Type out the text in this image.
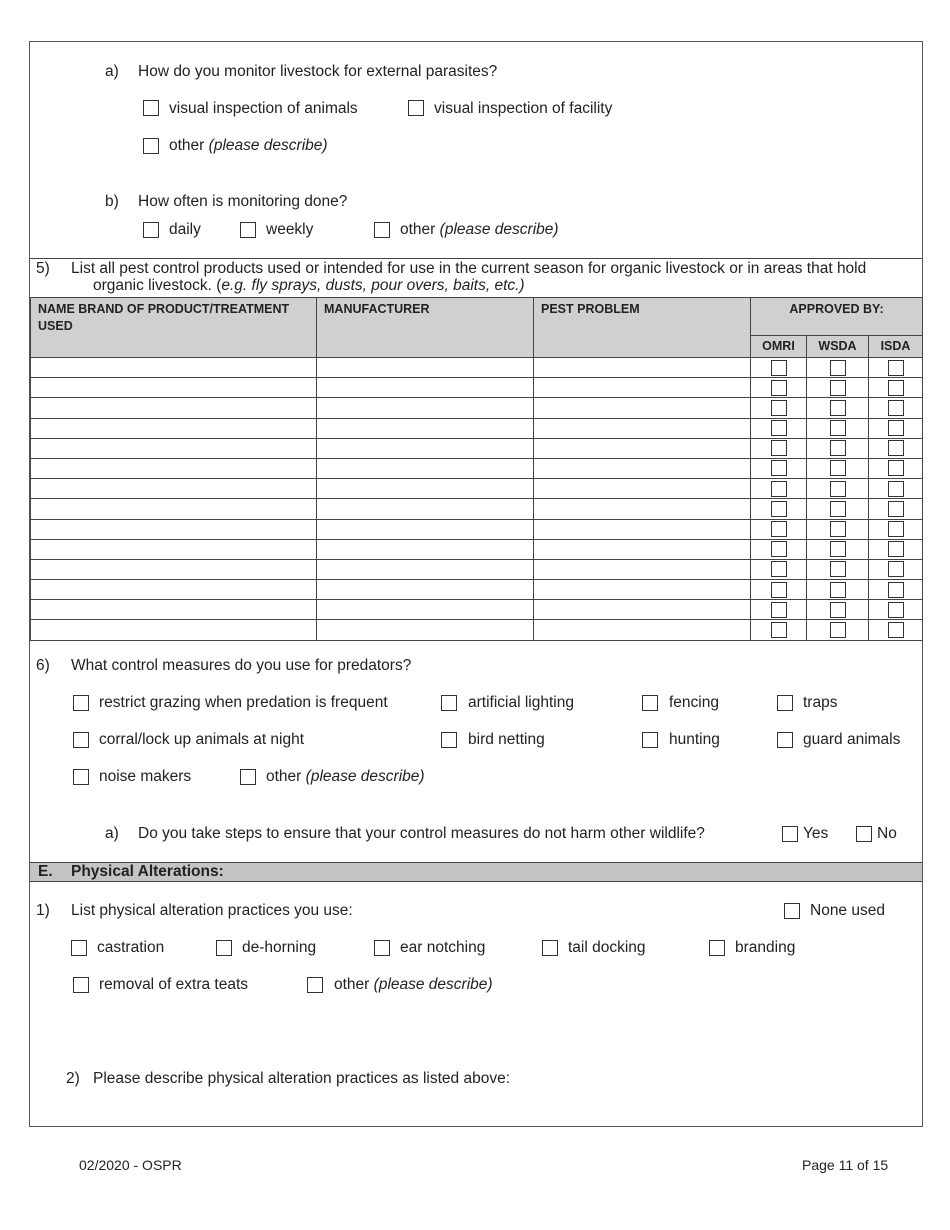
a) How do you monitor livestock for external parasites?
visual inspection of animals	visual inspection of facility
other (please describe)
b) How often is monitoring done?
daily	weekly	other (please describe)
5) List all pest control products used or intended for use in the current season for organic livestock or in areas that hold
organic livestock. (e.g. fly sprays, dusts, pour overs, baits, etc.)
NAME BRAND OF PRODUCT/TREATMENT USED	MANUFACTURER	PEST PROBLEM	APPROVED BY:		
			OMRI	WSDA	ISDA

6) What control measures do you use for predators?
restrict grazing when predation is frequent	artificial lighting	fencing	traps
corral/lock up animals at night	bird netting	hunting	guard animals
noise makers	other (please describe)
a) Do you take steps to ensure that your control measures do not harm other wildlife?	Yes	No
E. Physical Alterations:
1) List physical alteration practices you use:	None used
castration	de-horning	ear notching	tail docking	branding
removal of extra teats	other (please describe)
2) Please describe physical alteration practices as listed above:
02/2020 - OSPR	Page 11 of 15
